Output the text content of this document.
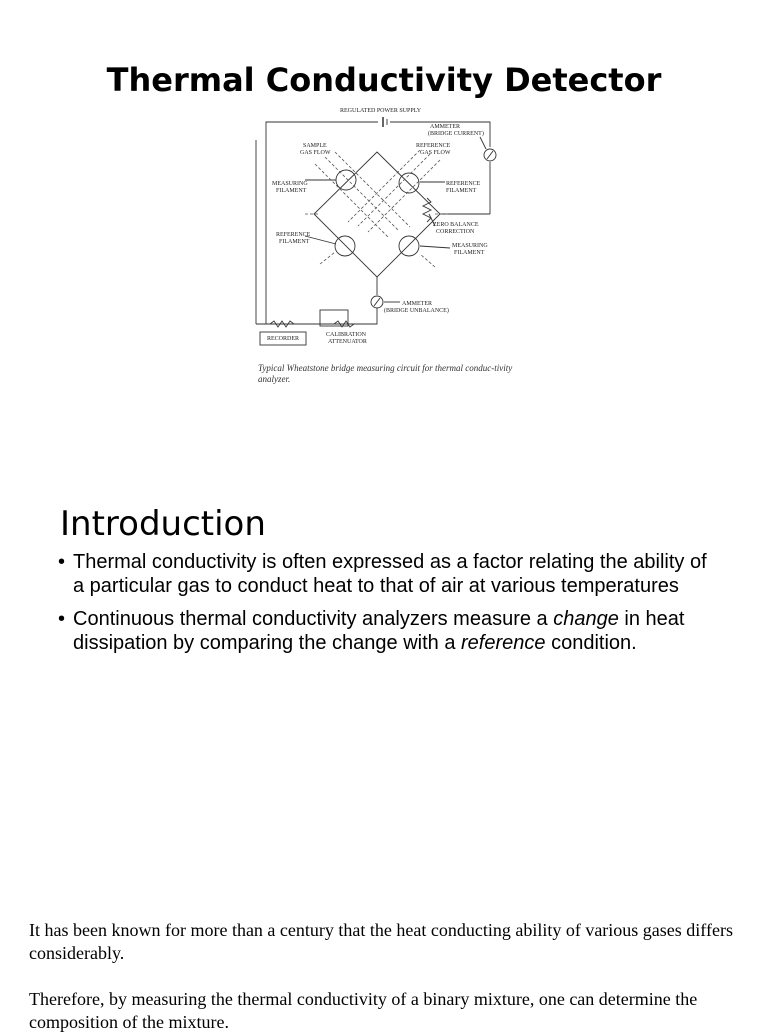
Thermal Conductivity Detector
REGULATED POWER SUPPLY
AMMETER
(BRIDGE CURRENT)
SAMPLE
GAS FLOW
REFERENCE
GAS FLOW
MEASURING
FILAMENT
REFERENCE
FILAMENT
ZERO BALANCE
CORRECTION
REFERENCE
FILAMENT
MEASURING
FILAMENT
AMMETER
(BRIDGE UNBALANCE)
RECORDER
CALIBRATION
ATTENUATOR
Typical Wheatstone bridge measuring circuit for thermal conduc-tivity analyzer.
Introduction
• Thermal conductivity is often expressed as a factor relating the ability of a particular gas to conduct heat to that of air at various temperatures
• Continuous thermal conductivity analyzers measure a change in heat dissipation by comparing the change with a reference condition.

It has been known for more than a century that the heat conducting ability of various gases differs considerably.

Therefore, by measuring the thermal conductivity of a binary mixture, one can determine the composition of the mixture.
